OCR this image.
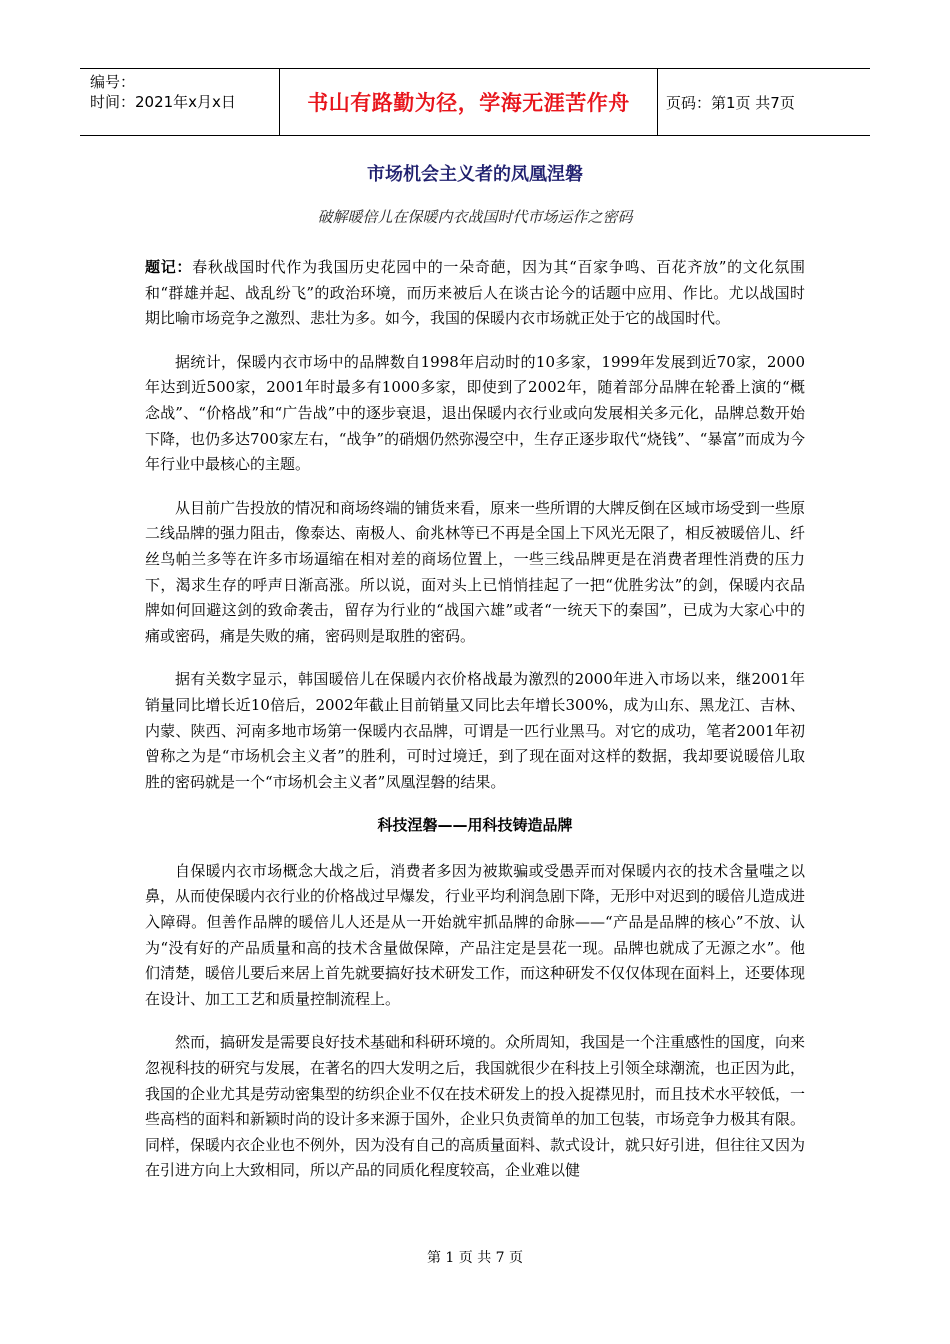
编号：
时间：2021年x月x日	书山有路勤为径，学海无涯苦作舟	页码：第1页 共7页
市场机会主义者的凤凰涅磐
破解暖倍儿在保暖内衣战国时代市场运作之密码

题记：春秋战国时代作为我国历史花园中的一朵奇葩，因为其“百家争鸣、百花齐放”的文化氛围和“群雄并起、战乱纷飞”的政治环境，而历来被后人在谈古论今的话题中应用、作比。尤以战国时期比喻市场竞争之激烈、悲壮为多。如今，我国的保暖内衣市场就正处于它的战国时代。

据统计，保暖内衣市场中的品牌数自1998年启动时的10多家，1999年发展到近70家，2000年达到近500家，2001年时最多有1000多家，即使到了2002年，随着部分品牌在轮番上演的“概念战”、“价格战”和“广告战”中的逐步衰退，退出保暖内衣行业或向发展相关多元化，品牌总数开始下降，也仍多达700家左右，“战争”的硝烟仍然弥漫空中，生存正逐步取代“烧钱”、“暴富”而成为今年行业中最核心的主题。

从目前广告投放的情况和商场终端的铺货来看，原来一些所谓的大牌反倒在区域市场受到一些原二线品牌的强力阻击，像泰达、南极人、俞兆林等已不再是全国上下风光无限了，相反被暖倍儿、纤丝鸟帕兰多等在许多市场逼缩在相对差的商场位置上，一些三线品牌更是在消费者理性消费的压力下，渴求生存的呼声日渐高涨。所以说，面对头上已悄悄挂起了一把“优胜劣汰”的剑，保暖内衣品牌如何回避这剑的致命袭击，留存为行业的“战国六雄”或者“一统天下的秦国”，已成为大家心中的痛或密码，痛是失败的痛，密码则是取胜的密码。

据有关数字显示，韩国暖倍儿在保暖内衣价格战最为激烈的2000年进入市场以来，继2001年销量同比增长近10倍后，2002年截止目前销量又同比去年增长300%，成为山东、黑龙江、吉林、内蒙、陕西、河南多地市场第一保暖内衣品牌，可谓是一匹行业黑马。对它的成功，笔者2001年初曾称之为是“市场机会主义者”的胜利，可时过境迁，到了现在面对这样的数据，我却要说暖倍儿取胜的密码就是一个“市场机会主义者”凤凰涅磐的结果。

科技涅磐——用科技铸造品牌

自保暖内衣市场概念大战之后，消费者多因为被欺骗或受愚弄而对保暖内衣的技术含量嗤之以鼻，从而使保暖内衣行业的价格战过早爆发，行业平均利润急剧下降，无形中对迟到的暖倍儿造成进入障碍。但善作品牌的暖倍儿人还是从一开始就牢抓品牌的命脉——“产品是品牌的核心”不放、认为“没有好的产品质量和高的技术含量做保障，产品注定是昙花一现。品牌也就成了无源之水”。他们清楚，暖倍儿要后来居上首先就要搞好技术研发工作，而这种研发不仅仅体现在面料上，还要体现在设计、加工工艺和质量控制流程上。

然而，搞研发是需要良好技术基础和科研环境的。众所周知，我国是一个注重感性的国度，向来忽视科技的研究与发展，在著名的四大发明之后，我国就很少在科技上引领全球潮流，也正因为此，我国的企业尤其是劳动密集型的纺织企业不仅在技术研发上的投入捉襟见肘，而且技术水平较低，一些高档的面料和新颖时尚的设计多来源于国外，企业只负责简单的加工包装，市场竞争力极其有限。同样，保暖内衣企业也不例外，因为没有自己的高质量面料、款式设计，就只好引进，但往往又因为在引进方向上大致相同，所以产品的同质化程度较高，企业难以健

第 1 页 共 7 页
